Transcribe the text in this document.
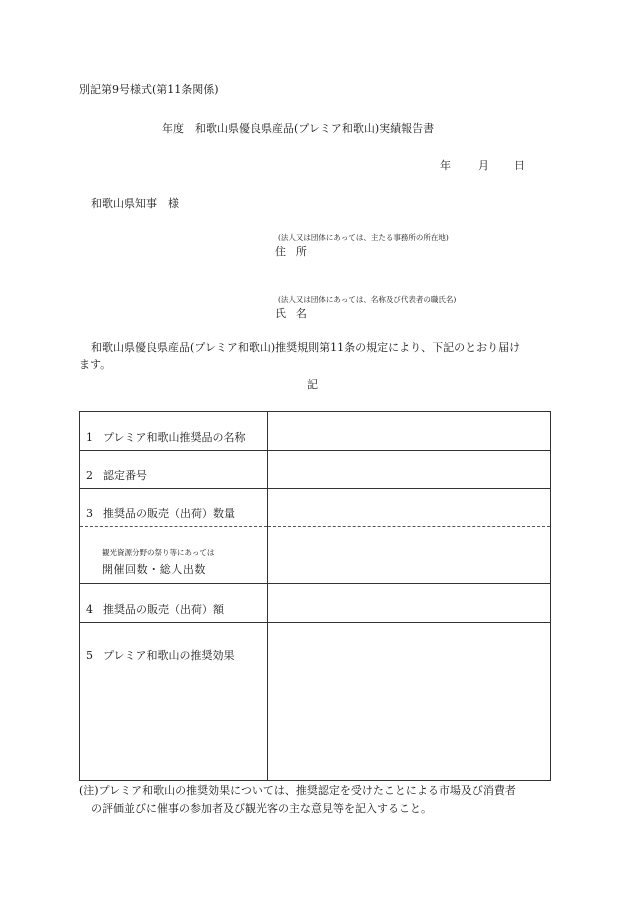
別記第9号様式(第11条関係)
年度　和歌山県優良県産品(プレミア和歌山)実績報告書
年 月 日
和歌山県知事　様
(法人又は団体にあっては、主たる事務所の所在地)
住所
(法人又は団体にあっては、名称及び代表者の職氏名)
氏名
和歌山県優良県産品(プレミア和歌山)推奨規則第11条の規定により、下記のとおり届け
ます。
記
1 プレミア和歌山推奨品の名称	
2 認定番号	
3 推奨品の販売（出荷）数量	

観光資源分野の祭り等にあっては
開催回数・総人出数	

4 推奨品の販売（出荷）額	
5 プレミア和歌山の推奨効果	
(注)プレミア和歌山の推奨効果については、推奨認定を受けたことによる市場及び消費者
の評価並びに催事の参加者及び観光客の主な意見等を記入すること。
